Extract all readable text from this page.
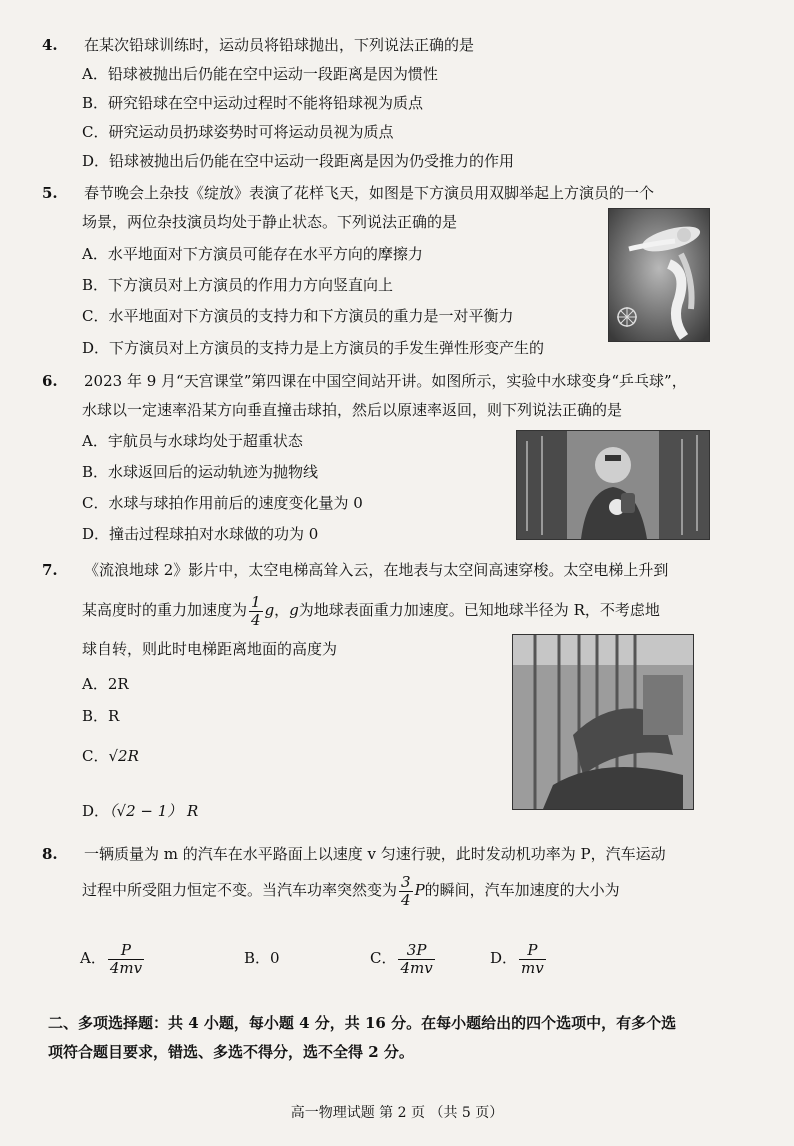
4. 在某次铅球训练时，运动员将铅球抛出，下列说法正确的是
A．铅球被抛出后仍能在空中运动一段距离是因为惯性
B．研究铅球在空中运动过程时不能将铅球视为质点
C．研究运动员扔球姿势时可将运动员视为质点
D．铅球被抛出后仍能在空中运动一段距离是因为仍受推力的作用
5. 春节晚会上杂技《绽放》表演了花样飞天，如图是下方演员用双脚举起上方演员的一个
场景，两位杂技演员均处于静止状态。下列说法正确的是
A．水平地面对下方演员可能存在水平方向的摩擦力
B．下方演员对上方演员的作用力方向竖直向上
C．水平地面对下方演员的支持力和下方演员的重力是一对平衡力
D．下方演员对上方演员的支持力是上方演员的手发生弹性形变产生的
6. 2023 年 9 月“天宫课堂”第四课在中国空间站开讲。如图所示，实验中水球变身“乒乓球”，
水球以一定速率沿某方向垂直撞击球拍，然后以原速率返回，则下列说法正确的是
A．宇航员与水球均处于超重状态
B．水球返回后的运动轨迹为抛物线
C．水球与球拍作用前后的速度变化量为 0
D．撞击过程球拍对水球做的功为 0
7. 《流浪地球 2》影片中，太空电梯高耸入云，在地表与太空间高速穿梭。太空电梯上升到
某高度时的重力加速度为 $\frac{1}{4}$ g，g为地球表面重力加速度。已知地球半径为 R，不考虑地
球自转，则此时电梯距离地面的高度为
A．2R
B．R
C．√2R
D．（√2 − 1） R
8. 一辆质量为 m 的汽车在水平路面上以速度 v 匀速行驶，此时发动机功率为 P，汽车运动
过程中所受阻力恒定不变。当汽车功率突然变为 $\frac{3}{4}$ P的瞬间，汽车加速度的大小为
A． $\frac{P}{4mv}$	B．0	C． $\frac{3P}{4mv}$	D． $\frac{P}{mv}$
二、多项选择题：共 4 小题，每小题 4 分，共 16 分。在每小题给出的四个选项中，有多个选
项符合题目要求，错选、多选不得分，选不全得 2 分。
高一物理试题 第 2 页 （共 5 页）
